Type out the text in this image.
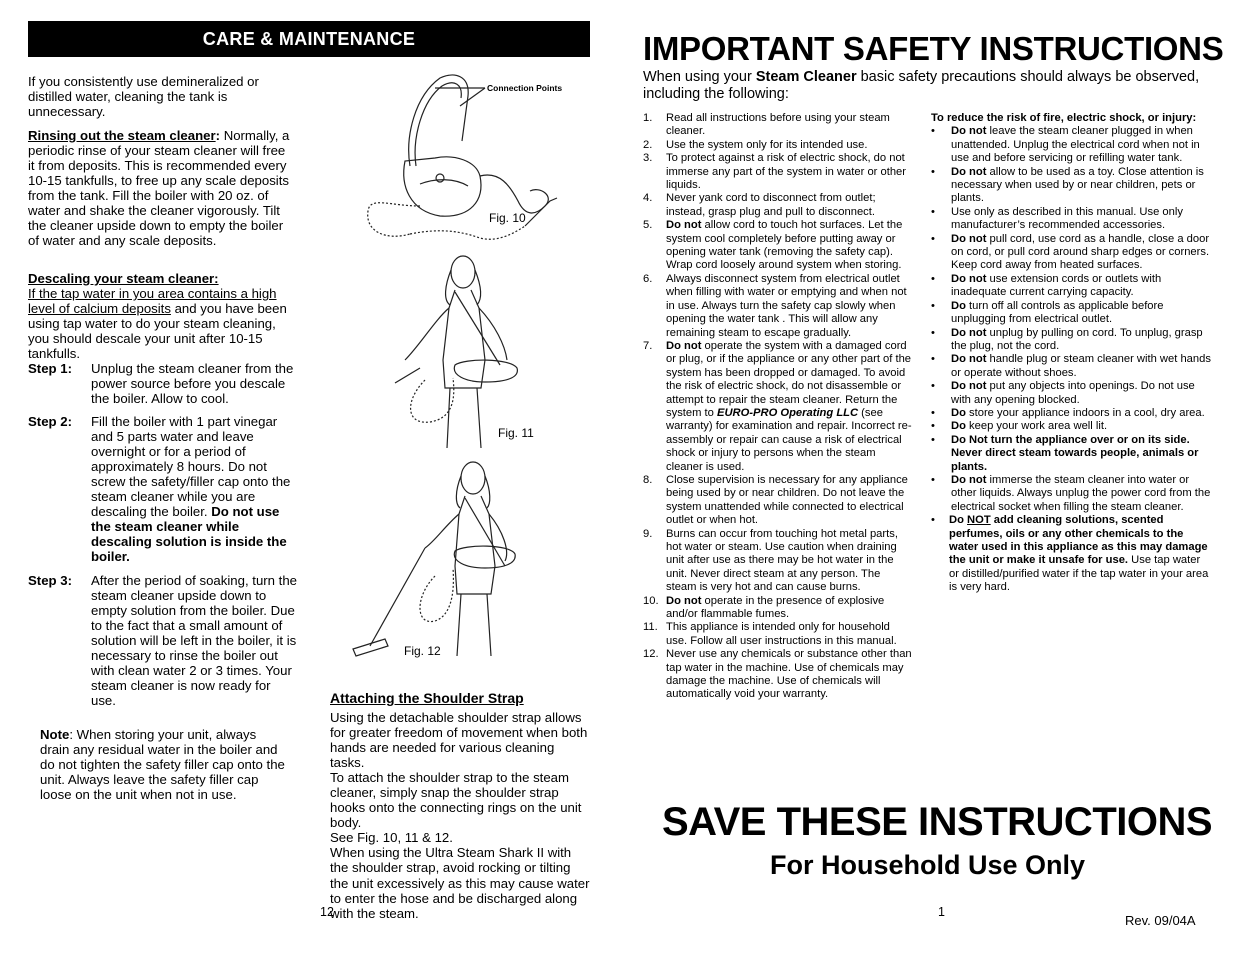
CARE & MAINTENANCE
If you consistently use demineralized or distilled water, cleaning the tank is unnecessary.
Rinsing out the steam cleaner: Normally, a periodic rinse of your steam cleaner will free it from deposits. This is recommended every 10-15 tankfulls, to free up any scale deposits from the tank. Fill the boiler with 20 oz. of water and shake the cleaner vigorously. Tilt the cleaner upside down to empty the boiler of water and any scale deposits.
Descaling your steam cleaner:
If the tap water in you area contains a high level of calcium deposits and you have been using tap water to do your steam cleaning, you should descale your unit after 10-15 tankfulls.
Step 1: Unplug the steam cleaner from the power source before you descale the boiler. Allow to cool.
Step 2: Fill the boiler with 1 part vinegar and 5 parts water and leave overnight or for a period of approximately 8 hours. Do not screw the safety/filler cap onto the steam cleaner while you are descaling the boiler. Do not use the steam cleaner while descaling solution is inside the boiler.
Step 3: After the period of soaking, turn the steam cleaner upside down to empty solution from the boiler. Due to the fact that a small amount of solution will be left in the boiler, it is necessary to rinse the boiler out with clean water 2 or 3 times. Your steam cleaner is now ready for use.
Note: When storing your unit, always drain any residual water in the boiler and do not tighten the safety filler cap onto the unit. Always leave the safety filler cap loose on the unit when not in use.
Connection Points
Fig. 10
Fig. 11
Fig. 12
Attaching the Shoulder Strap
Using the detachable shoulder strap allows for greater freedom of movement when both hands are needed for various cleaning tasks.
To attach the shoulder strap to the steam cleaner, simply snap the shoulder strap hooks onto the connecting rings on the unit body.
See Fig. 10, 11 & 12.
When using the Ultra Steam Shark II with the shoulder strap, avoid rocking or tilting the unit excessively as this may cause water to enter the hose and be discharged along with the steam.
12
IMPORTANT SAFETY INSTRUCTIONS
When using your Steam Cleaner basic safety precautions should always be observed, including the following:
1.	Read all instructions before using your steam cleaner.
2.	Use the system only for its intended use.
3.	To protect against a risk of electric shock, do not immerse any part of the system in water or other liquids.
4.	Never yank cord to disconnect from outlet; instead, grasp plug and pull to disconnect.
5.	Do not allow cord to touch hot surfaces. Let the system cool completely before putting away or opening water tank (removing the safety cap). Wrap cord loosely around system when storing.
6.	Always disconnect system from electrical outlet when filling with water or emptying and when not in use. Always turn the safety cap slowly when opening the water tank . This will allow any remaining steam to escape gradually.
7.	Do not operate the system with a damaged cord or plug, or if the appliance or any other part of the system has been dropped or damaged. To avoid the risk of electric shock, do not disassemble or attempt to repair the steam cleaner. Return the system to EURO-PRO Operating LLC (see warranty) for examination and repair. Incorrect re-assembly or repair can cause a risk of electrical shock or injury to persons when the steam cleaner is used.
8.	Close supervision is necessary for any appliance being used by or near children. Do not leave the system unattended while connected to electrical outlet or when hot.
9.	Burns can occur from touching hot metal parts, hot water or steam. Use caution when draining unit after use as there may be hot water in the unit. Never direct steam at any person. The steam is very hot and can cause burns.
10. Do not operate in the presence of explosive and/or flammable fumes.
11. This appliance is intended only for household use. Follow all user instructions in this manual.
12. Never use any chemicals or substance other than tap water in the machine. Use of chemicals may damage the machine. Use of chemicals will automatically void your warranty.
To reduce the risk of fire, electric shock, or injury:
• Do not leave the steam cleaner plugged in when unattended. Unplug the electrical cord when not in use and before servicing or refilling water tank.
• Do not allow to be used as a toy. Close attention is necessary when used by or near children, pets or plants.
• Use only as described in this manual. Use only manufacturer’s recommended accessories.
• Do not pull cord, use cord as a handle, close a door on cord, or pull cord around sharp edges or corners. Keep cord away from heated surfaces.
• Do not use extension cords or outlets with inadequate current carrying capacity.
• Do turn off all controls as applicable before unplugging from electrical outlet.
• Do not unplug by pulling on cord. To unplug, grasp the plug, not the cord.
• Do not handle plug or steam cleaner with wet hands or operate without shoes.
• Do not put any objects into openings. Do not use with any opening blocked.
• Do store your appliance indoors in a cool, dry area.
• Do keep your work area well lit.
• Do Not turn the appliance over or on its side. Never direct steam towards people, animals or plants.
• Do not immerse the steam cleaner into water or other liquids. Always unplug the power cord from the electrical socket when filling the steam cleaner.
• Do NOT add cleaning solutions, scented perfumes, oils or any other chemicals to the water used in this appliance as this may damage the unit or make it unsafe for use. Use tap water or distilled/purified water if the tap water in your area is very hard.
SAVE THESE INSTRUCTIONS
For Household Use Only
1
Rev. 09/04A
